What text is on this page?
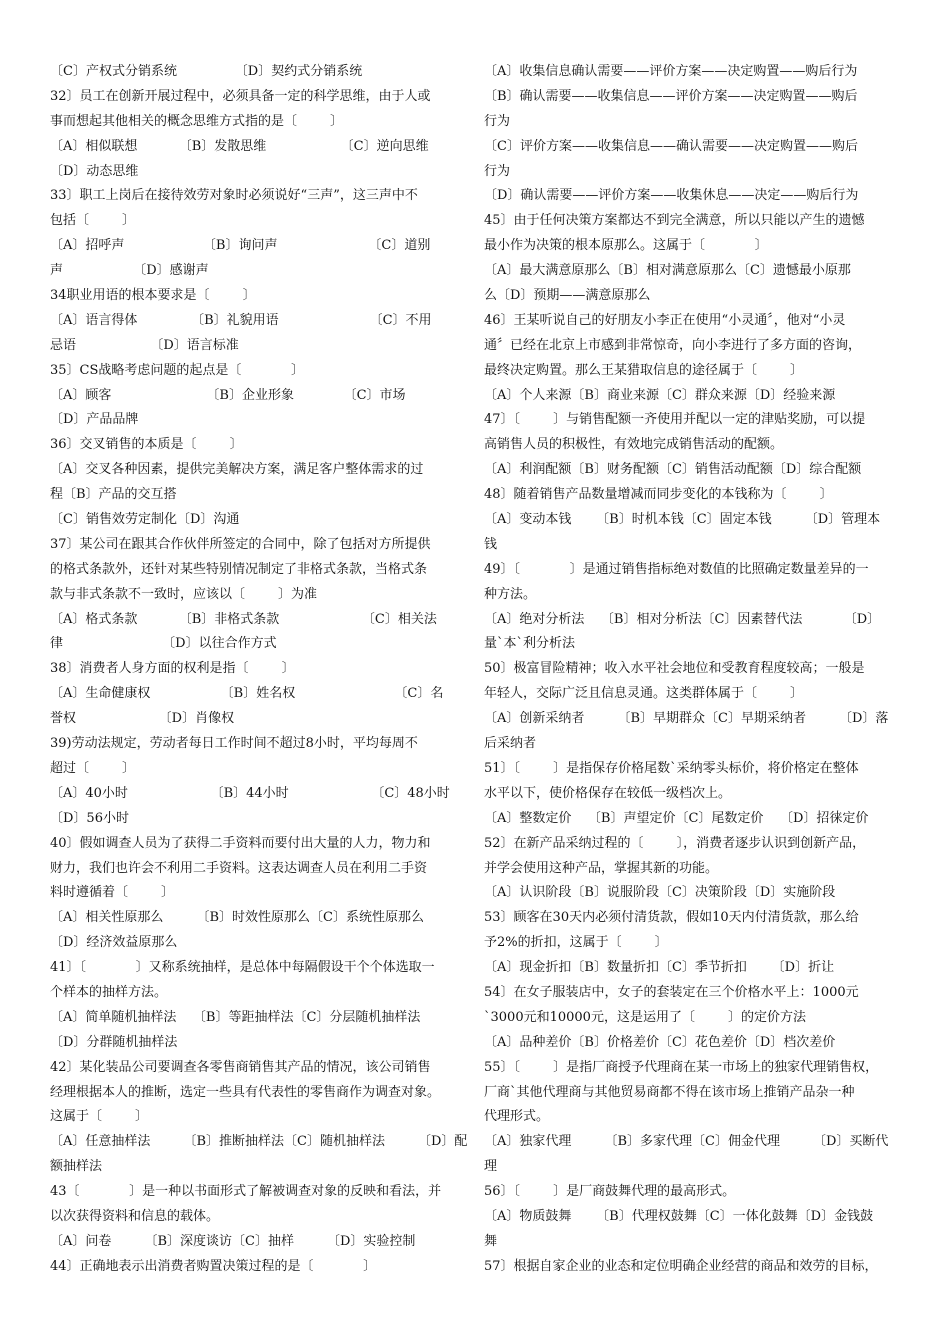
〔C〕产权式分销系统              〔D〕契约式分销系统
32〕员工在创新开展过程中，必须具备一定的科学思维，由于人或
事而想起其他相关的概念思维方式指的是〔        〕
〔A〕相似联想          〔B〕发散思维                  〔C〕逆向思维
〔D〕动态思维
33〕职工上岗后在接待效劳对象时必须说好“三声”，这三声中不
包括〔        〕
〔A〕招呼声                   〔B〕询问声                      〔C〕道别
声                 〔D〕感谢声
34职业用语的根本要求是〔        〕
〔A〕语言得体             〔B〕礼貌用语                      〔C〕不用
忌语                  〔D〕语言标准
35〕CS战略考虑问题的起点是〔            〕
〔A〕顾客                       〔B〕企业形象            〔C〕市场
〔D〕产品品牌
36〕交叉销售的本质是〔        〕
〔A〕交叉各种因素，提供完美解决方案，满足客户整体需求的过
程〔B〕产品的交互搭
〔C〕销售效劳定制化〔D〕沟通
37〕某公司在跟其合作伙伴所签定的合同中，除了包括对方所提供
的格式条款外，还针对某些特别情况制定了非格式条款，当格式条
款与非式条款不一致时，应该以〔        〕为准
〔A〕格式条款          〔B〕非格式条款                    〔C〕相关法
律                        〔D〕以往合作方式
38〕消费者人身方面的权利是指〔        〕
〔A〕生命健康权                 〔B〕姓名权                        〔C〕名
誉权                    〔D〕肖像权
39)劳动法规定，劳动者每日工作时间不超过8小时，平均每周不
超过〔        〕
〔A〕40小时                    〔B〕44小时                    〔C〕48小时
〔D〕56小时
40〕假如调查人员为了获得二手资料而要付出大量的人力，物力和
财力，我们也许会不利用二手资料。这表达调查人员在利用二手资
料时遵循着〔        〕
〔A〕相关性原那么        〔B〕时效性原那么〔C〕系统性原那么
〔D〕经济效益原那么
41〕〔            〕又称系统抽样，是总体中每隔假设干个个体选取一
个样本的抽样方法。
〔A〕简单随机抽样法    〔B〕等距抽样法〔C〕分层随机抽样法
〔D〕分群随机抽样法
42〕某化装品公司要调查各零售商销售其产品的情况，该公司销售
经理根据本人的推断，选定一些具有代表性的零售商作为调查对象。
这属于〔        〕
〔A〕任意抽样法        〔B〕推断抽样法〔C〕随机抽样法        〔D〕配
额抽样法
43〔            〕是一种以书面形式了解被调查对象的反映和看法，并
以次获得资料和信息的载体。
〔A〕问卷        〔B〕深度谈访〔C〕抽样        〔D〕实验控制
44〕正确地表示出消费者购置决策过程的是〔            〕
〔A〕收集信息确认需要——评价方案——决定购置——购后行为
〔B〕确认需要——收集信息——评价方案——决定购置——购后
行为
〔C〕评价方案——收集信息——确认需要——决定购置——购后
行为
〔D〕确认需要——评价方案——收集休息——决定——购后行为
45〕由于任何决策方案都达不到完全满意，所以只能以产生的遗憾
最小作为决策的根本原那么。这属于〔            〕
〔A〕最大满意原那么〔B〕相对满意原那么〔C〕遗憾最小原那
么〔D〕预期——满意原那么
46〕王某听说自己的好朋友小李正在使用“小灵通〞，他对“小灵
通〞已经在北京上市感到非常惊奇，向小李进行了多方面的咨询，
最终决定购置。那么王某猎取信息的途径属于〔        〕
〔A〕个人来源〔B〕商业来源〔C〕群众来源〔D〕经验来源
47〕〔        〕与销售配额一齐使用并配以一定的津贴奖励，可以提
高销售人员的积极性，有效地完成销售活动的配额。
〔A〕利润配额〔B〕财务配额〔C〕销售活动配额〔D〕综合配额
48〕随着销售产品数量增减而同步变化的本钱称为〔        〕
〔A〕变动本钱      〔B〕时机本钱〔C〕固定本钱        〔D〕管理本
钱
49〕〔            〕是通过销售指标绝对数值的比照确定数量差异的一
种方法。
〔A〕绝对分析法    〔B〕相对分析法〔C〕因素替代法          〔D〕
量`本`利分析法
50〕极富冒险精神；收入水平社会地位和受教育程度较高；一般是
年轻人，交际广泛且信息灵通。这类群体属于〔        〕
〔A〕创新采纳者        〔B〕早期群众〔C〕早期采纳者        〔D〕落
后采纳者
51〕〔        〕是指保存价格尾数`采纳零头标价，将价格定在整体
水平以下，使价格保存在较低一级档次上。
〔A〕整数定价    〔B〕声望定价〔C〕尾数定价    〔D〕招徕定价
52〕在新产品采纳过程的〔        〕，消费者逐步认识到创新产品，
并学会使用这种产品，掌握其新的功能。
〔A〕认识阶段〔B〕说服阶段〔C〕决策阶段〔D〕实施阶段
53〕顾客在30天内必须付清货款，假如10天内付清货款，那么给
予2%的折扣，这属于〔        〕
〔A〕现金折扣〔B〕数量折扣〔C〕季节折扣      〔D〕折让
54〕在女子服装店中，女子的套装定在三个价格水平上：1000元
`3000元和10000元，这是运用了〔        〕的定价方法
〔A〕品种差价〔B〕价格差价〔C〕花色差价〔D〕档次差价
55〕〔        〕是指厂商授予代理商在某一市场上的独家代理销售权，
厂商`其他代理商与其他贸易商都不得在该市场上推销产品杂一种
代理形式。
〔A〕独家代理        〔B〕多家代理〔C〕佣金代理        〔D〕买断代
理
56〕〔        〕是厂商鼓舞代理的最高形式。
〔A〕物质鼓舞      〔B〕代理权鼓舞〔C〕一体化鼓舞〔D〕金钱鼓
舞
57〕根据自家企业的业态和定位明确企业经营的商品和效劳的目标，
